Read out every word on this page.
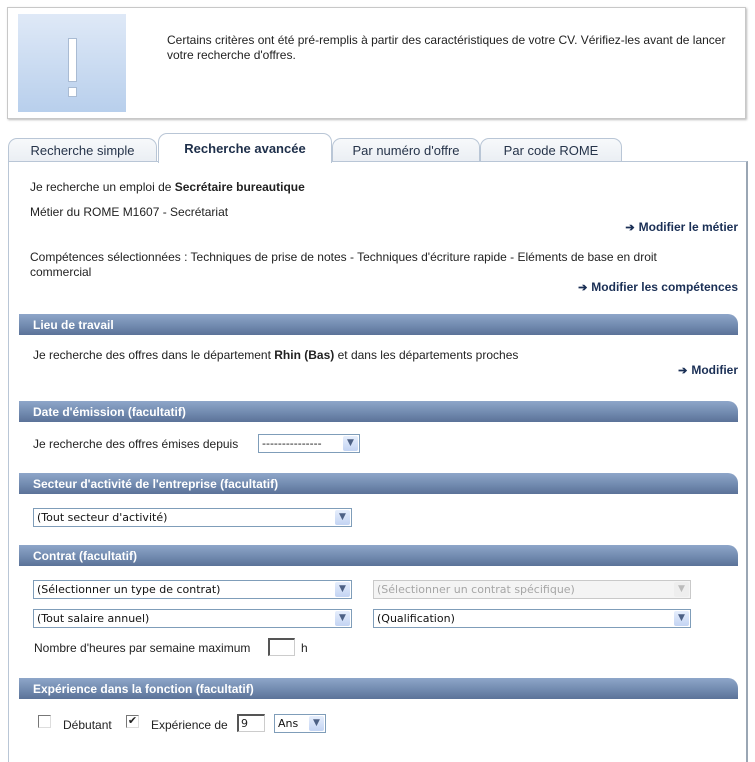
Certains critères ont été pré-remplis à partir des caractéristiques de votre CV. Vérifiez-les avant de lancer votre recherche d'offres.
Recherche simple	Recherche avancée	Par numéro d'offre	Par code ROME
Je recherche un emploi de Secrétaire bureautique
Métier du ROME M1607 - Secrétariat
➔ Modifier le métier
Compétences sélectionnées : Techniques de prise de notes - Techniques d'écriture rapide - Eléments de base en droit commercial
➔ Modifier les compétences
Lieu de travail
Je recherche des offres dans le département Rhin (Bas) et dans les départements proches
➔ Modifier
Date d'émission (facultatif)
Je recherche des offres émises depuis	---------------	▼
Secteur d'activité de l'entreprise (facultatif)
(Tout secteur d'activité)	▼
Contrat (facultatif)
(Sélectionner un type de contrat)	▼	(Sélectionner un contrat spécifique)	▼
(Tout salaire annuel)	▼	(Qualification)	▼
Nombre d'heures par semaine maximum	h
Expérience dans la fonction (facultatif)
Débutant ✔ Expérience de	9	Ans	▼
